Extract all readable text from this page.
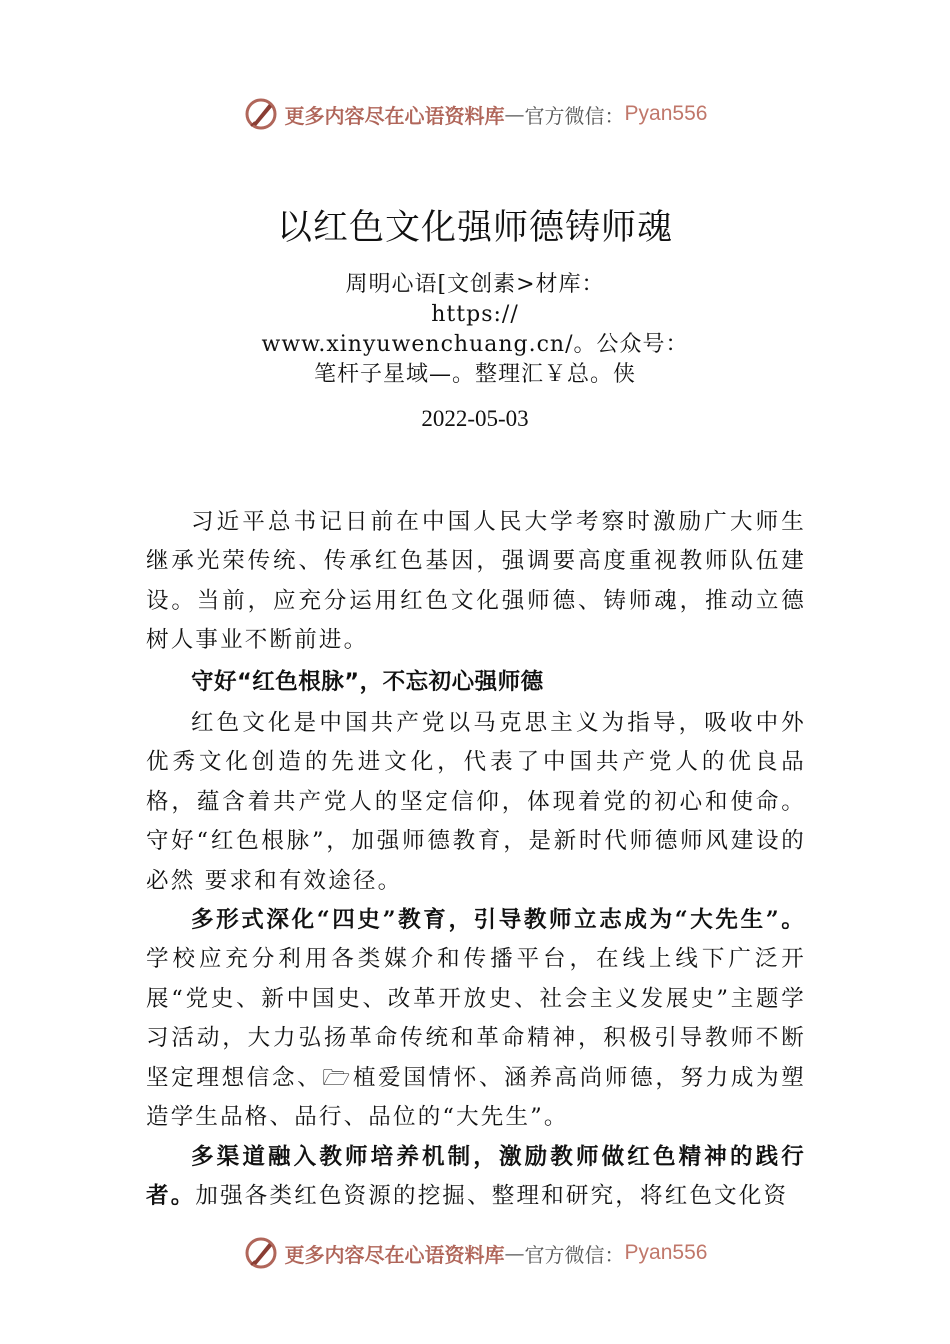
更多内容尽在心语资料库 — 官方微信： Pyan556
以红色文化强师德铸师魂
周明心语[文创素>材库：
https://
www.xinyuwenchuang.cn/。公众号：
笔杆子星域—。整理汇￥总。侠
2022-05-03

习近平总书记日前在中国人民大学考察时激励广大师生继承光荣传统、传承红色基因，强调要高度重视教师队伍建设。当前，应充分运用红色文化强师德、铸师魂，推动立德树人事业不断前进。

守好“红色根脉”，不忘初心强师德

红色文化是中国共产党以马克思主义为指导，吸收中外优秀文化创造的先进文化，代表了中国共产党人的优良品格，蕴含着共产党人的坚定信仰，体现着党的初心和使命。守好“红色根脉”，加强师德教育，是新时代师德师风建设的必然 要求和有效途径。

多形式深化“四史”教育，引导教师立志成为“大先生”。学校应充分利用各类媒介和传播平台，在线上线下广泛开展“党史、新中国史、改革开放史、社会主义发展史”主题学习活动，大力弘扬革命传统和革命精神，积极引导教师不断坚定理想信念、🗁植爱国情怀、涵养高尚师德，努力成为塑造学生品格、品行、品位的“大先生”。

多渠道融入教师培养机制，激励教师做红色精神的践行者。加强各类红色资源的挖掘、整理和研究，将红色文化资

更多内容尽在心语资料库 — 官方微信： Pyan556
